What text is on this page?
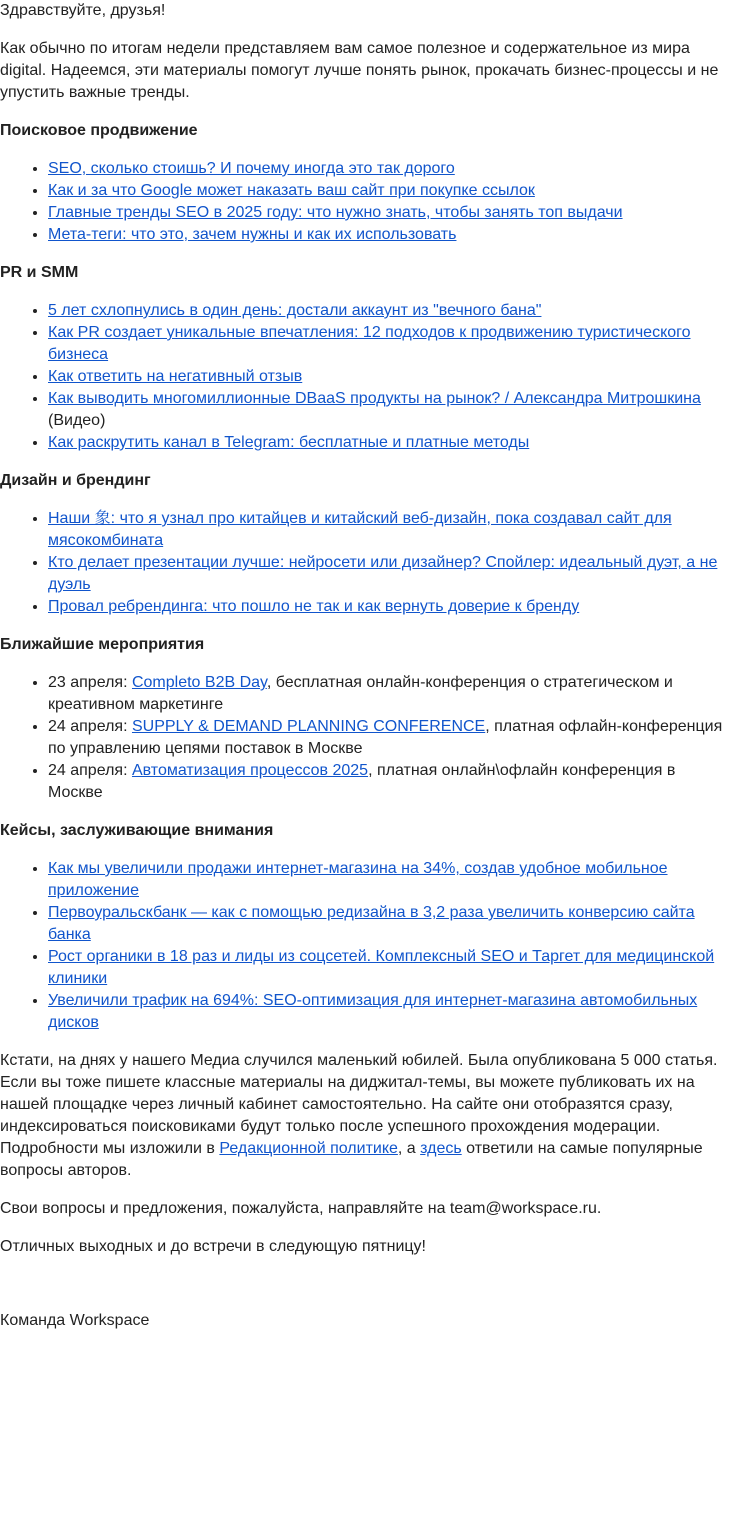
Здравствуйте, друзья!

Как обычно по итогам недели представляем вам самое полезное и содержательное из мира digital. Надеемся, эти материалы помогут лучше понять рынок, прокачать бизнес-процессы и не упустить важные тренды.

Поисковое продвижение
• SEO, сколько стоишь? И почему иногда это так дорого
• Как и за что Google может наказать ваш сайт при покупке ссылок
• Главные тренды SEO в 2025 году: что нужно знать, чтобы занять топ выдачи
• Мета-теги: что это, зачем нужны и как их использовать
PR и SMM
• 5 лет схлопнулись в один день: достали аккаунт из "вечного бана"
• Как PR создает уникальные впечатления: 12 подходов к продвижению туристического бизнеса
• Как ответить на негативный отзыв
• Как выводить многомиллионные DBaaS продукты на рынок? / Александра Митрошкина (Видео)
• Как раскрутить канал в Telegram: бесплатные и платные методы
Дизайн и брендинг
• Наши 象: что я узнал про китайцев и китайский веб-дизайн, пока создавал сайт для мясокомбината
• Кто делает презентации лучше: нейросети или дизайнер? Спойлер: идеальный дуэт, а не дуэль
• Провал ребрендинга: что пошло не так и как вернуть доверие к бренду
Ближайшие мероприятия
• 23 апреля: Completo B2B Day, бесплатная онлайн-конференция о стратегическом и креативном маркетинге
• 24 апреля: SUPPLY & DEMAND PLANNING CONFERENCE, платная офлайн-конференция по управлению цепями поставок в Москве
• 24 апреля: Автоматизация процессов 2025, платная онлайн\офлайн конференция в Москве
Кейсы, заслуживающие внимания
• Как мы увеличили продажи интернет-магазина на 34%, создав удобное мобильное приложение
• Первоуральскбанк — как с помощью редизайна в 3,2 раза увеличить конверсию сайта банка
• Рост органики в 18 раз и лиды из соцсетей. Комплексный SEO и Таргет для медицинской клиники
• Увеличили трафик на 694%: SEO-оптимизация для интернет-магазина автомобильных дисков

Кстати, на днях у нашего Медиа случился маленький юбилей. Была опубликована 5 000 статья. Если вы тоже пишете классные материалы на диджитал-темы, вы можете публиковать их на нашей площадке через личный кабинет самостоятельно. На сайте они отобразятся сразу, индексироваться поисковиками будут только после успешного прохождения модерации. Подробности мы изложили в Редакционной политике, а здесь ответили на самые популярные вопросы авторов.

Свои вопросы и предложения, пожалуйста, направляйте на team@workspace.ru.

Отличных выходных и до встречи в следующую пятницу!

Команда Workspace
